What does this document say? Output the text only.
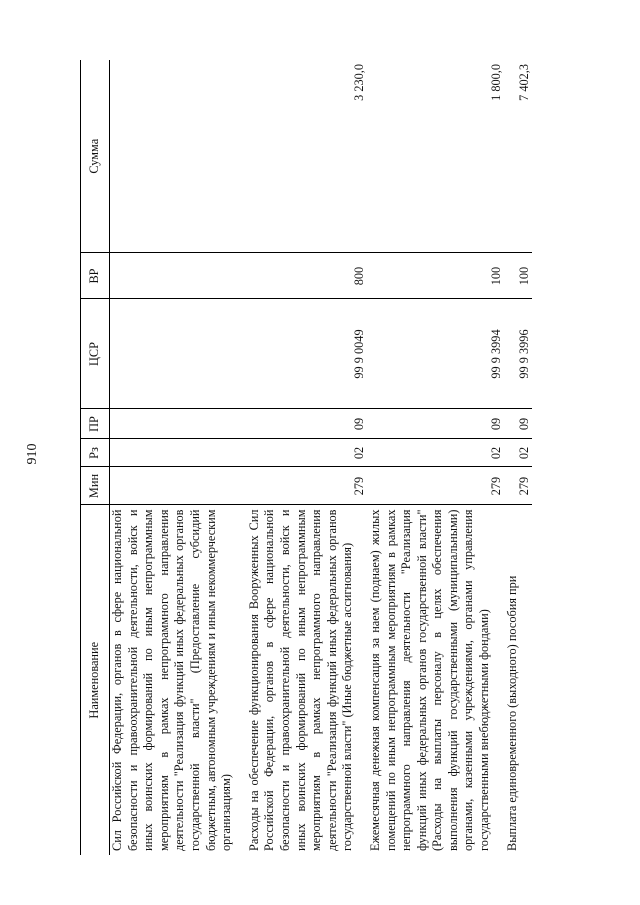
910
Наименование	Мин	Рз	ПР	ЦСР	ВР	Сумма
Сил Российской Федерации, органов в сфере национальной безопасности и правоохранительной деятельности, войск и иных воинских формирований по иным непрограммным мероприятиям в рамках непрограммного направления деятельности "Реализация функций иных федеральных органов государственной власти" (Предоставление субсидий бюджетным, автономным учреждениям и иным некоммерческим организациям)						
Расходы на обеспечение функционирования Вооруженных Сил Российской Федерации, органов в сфере национальной безопасности и правоохранительной деятельности, войск и иных воинских формирований по иным непрограммным мероприятиям в рамках непрограммного направления деятельности "Реализация функций иных федеральных органов государственной власти" (Иные бюджетные ассигнования)	279	02	09	99 9 0049	800	3 230,0
Ежемесячная денежная компенсация за наем (поднаем) жилых помещений по иным непрограммным мероприятиям в рамках непрограммного направления деятельности "Реализация функций иных федеральных органов государственной власти" (Расходы на выплаты персоналу в целях обеспечения выполнения функций государственными (муниципальными) органами, казенными учреждениями, органами управления государственными внебюджетными фондами)	279	02	09	99 9 3994	100	1 800,0
Выплата единовременного (выходного) пособия при	279	02	09	99 9 3996	100	7 402,3
